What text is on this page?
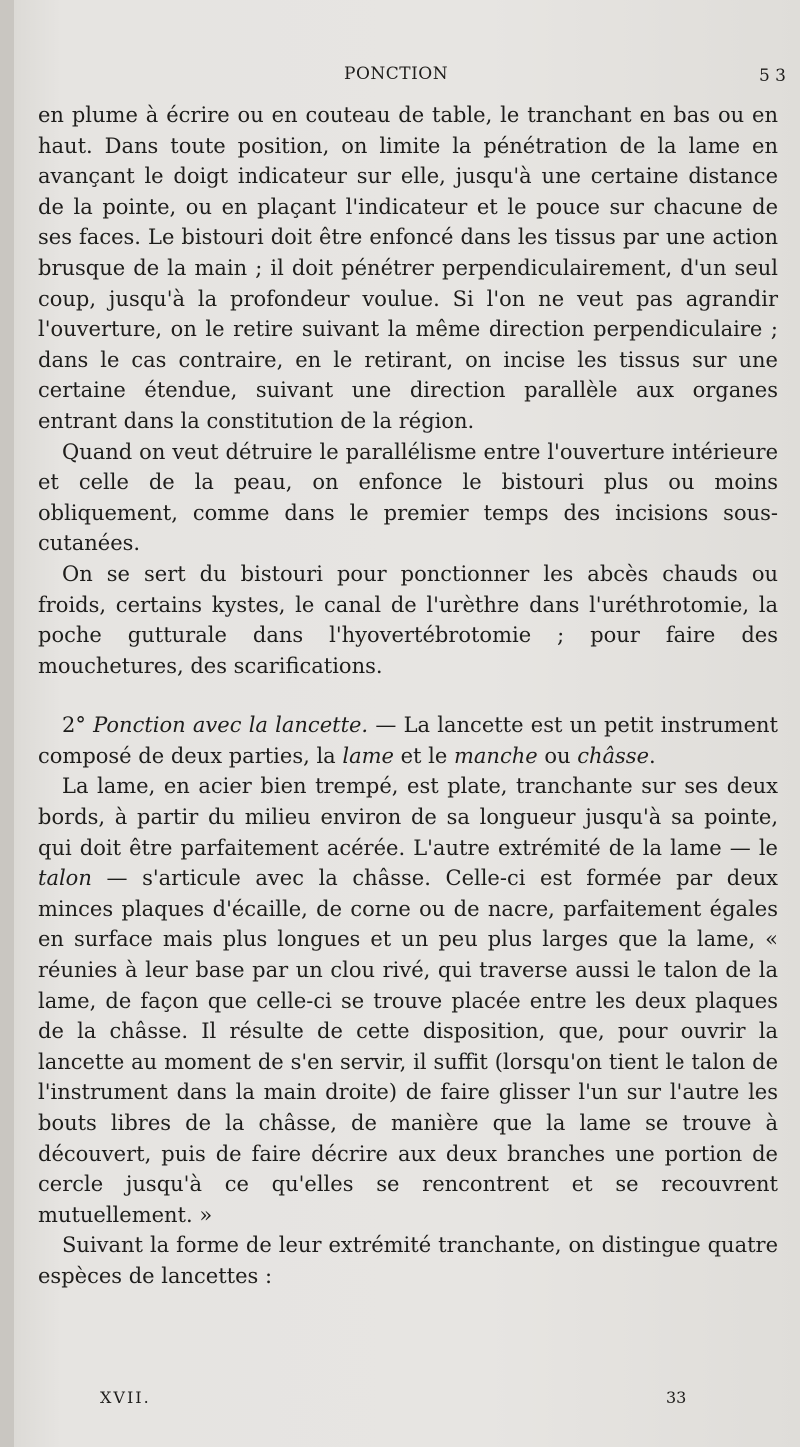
PONCTION	5 3

en plume à écrire ou en couteau de table, le tranchant en bas ou en haut. Dans toute position, on limite la pénétration de la lame en avançant le doigt indicateur sur elle, jusqu'à une certaine distance de la pointe, ou en plaçant l'indicateur et le pouce sur chacune de ses faces. Le bistouri doit être enfoncé dans les tissus par une action brusque de la main ; il doit pénétrer perpendiculairement, d'un seul coup, jusqu'à la profondeur voulue. Si l'on ne veut pas agrandir l'ouverture, on le retire suivant la même direction perpendiculaire ; dans le cas contraire, en le retirant, on incise les tissus sur une certaine étendue, suivant une direction parallèle aux organes entrant dans la constitution de la région.

Quand on veut détruire le parallélisme entre l'ouverture intérieure et celle de la peau, on enfonce le bistouri plus ou moins obliquement, comme dans le premier temps des incisions sous-cutanées.

On se sert du bistouri pour ponctionner les abcès chauds ou froids, certains kystes, le canal de l'urèthre dans l'uréthrotomie, la poche gutturale dans l'hyovertébrotomie ; pour faire des mouchetures, des scarifications.

2° Ponction avec la lancette. — La lancette est un petit instrument composé de deux parties, la lame et le manche ou châsse.

La lame, en acier bien trempé, est plate, tranchante sur ses deux bords, à partir du milieu environ de sa longueur jusqu'à sa pointe, qui doit être parfaitement acérée. L'autre extrémité de la lame — le talon — s'articule avec la châsse. Celle-ci est formée par deux minces plaques d'écaille, de corne ou de nacre, parfaitement égales en surface mais plus longues et un peu plus larges que la lame, « réunies à leur base par un clou rivé, qui traverse aussi le talon de la lame, de façon que celle-ci se trouve placée entre les deux plaques de la châsse. Il résulte de cette disposition, que, pour ouvrir la lancette au moment de s'en servir, il suffit (lorsqu'on tient le talon de l'instrument dans la main droite) de faire glisser l'un sur l'autre les bouts libres de la châsse, de manière que la lame se trouve à découvert, puis de faire décrire aux deux branches une portion de cercle jusqu'à ce qu'elles se rencontrent et se recouvrent mutuellement. »

Suivant la forme de leur extrémité tranchante, on distingue quatre espèces de lancettes :

XVII.	33
